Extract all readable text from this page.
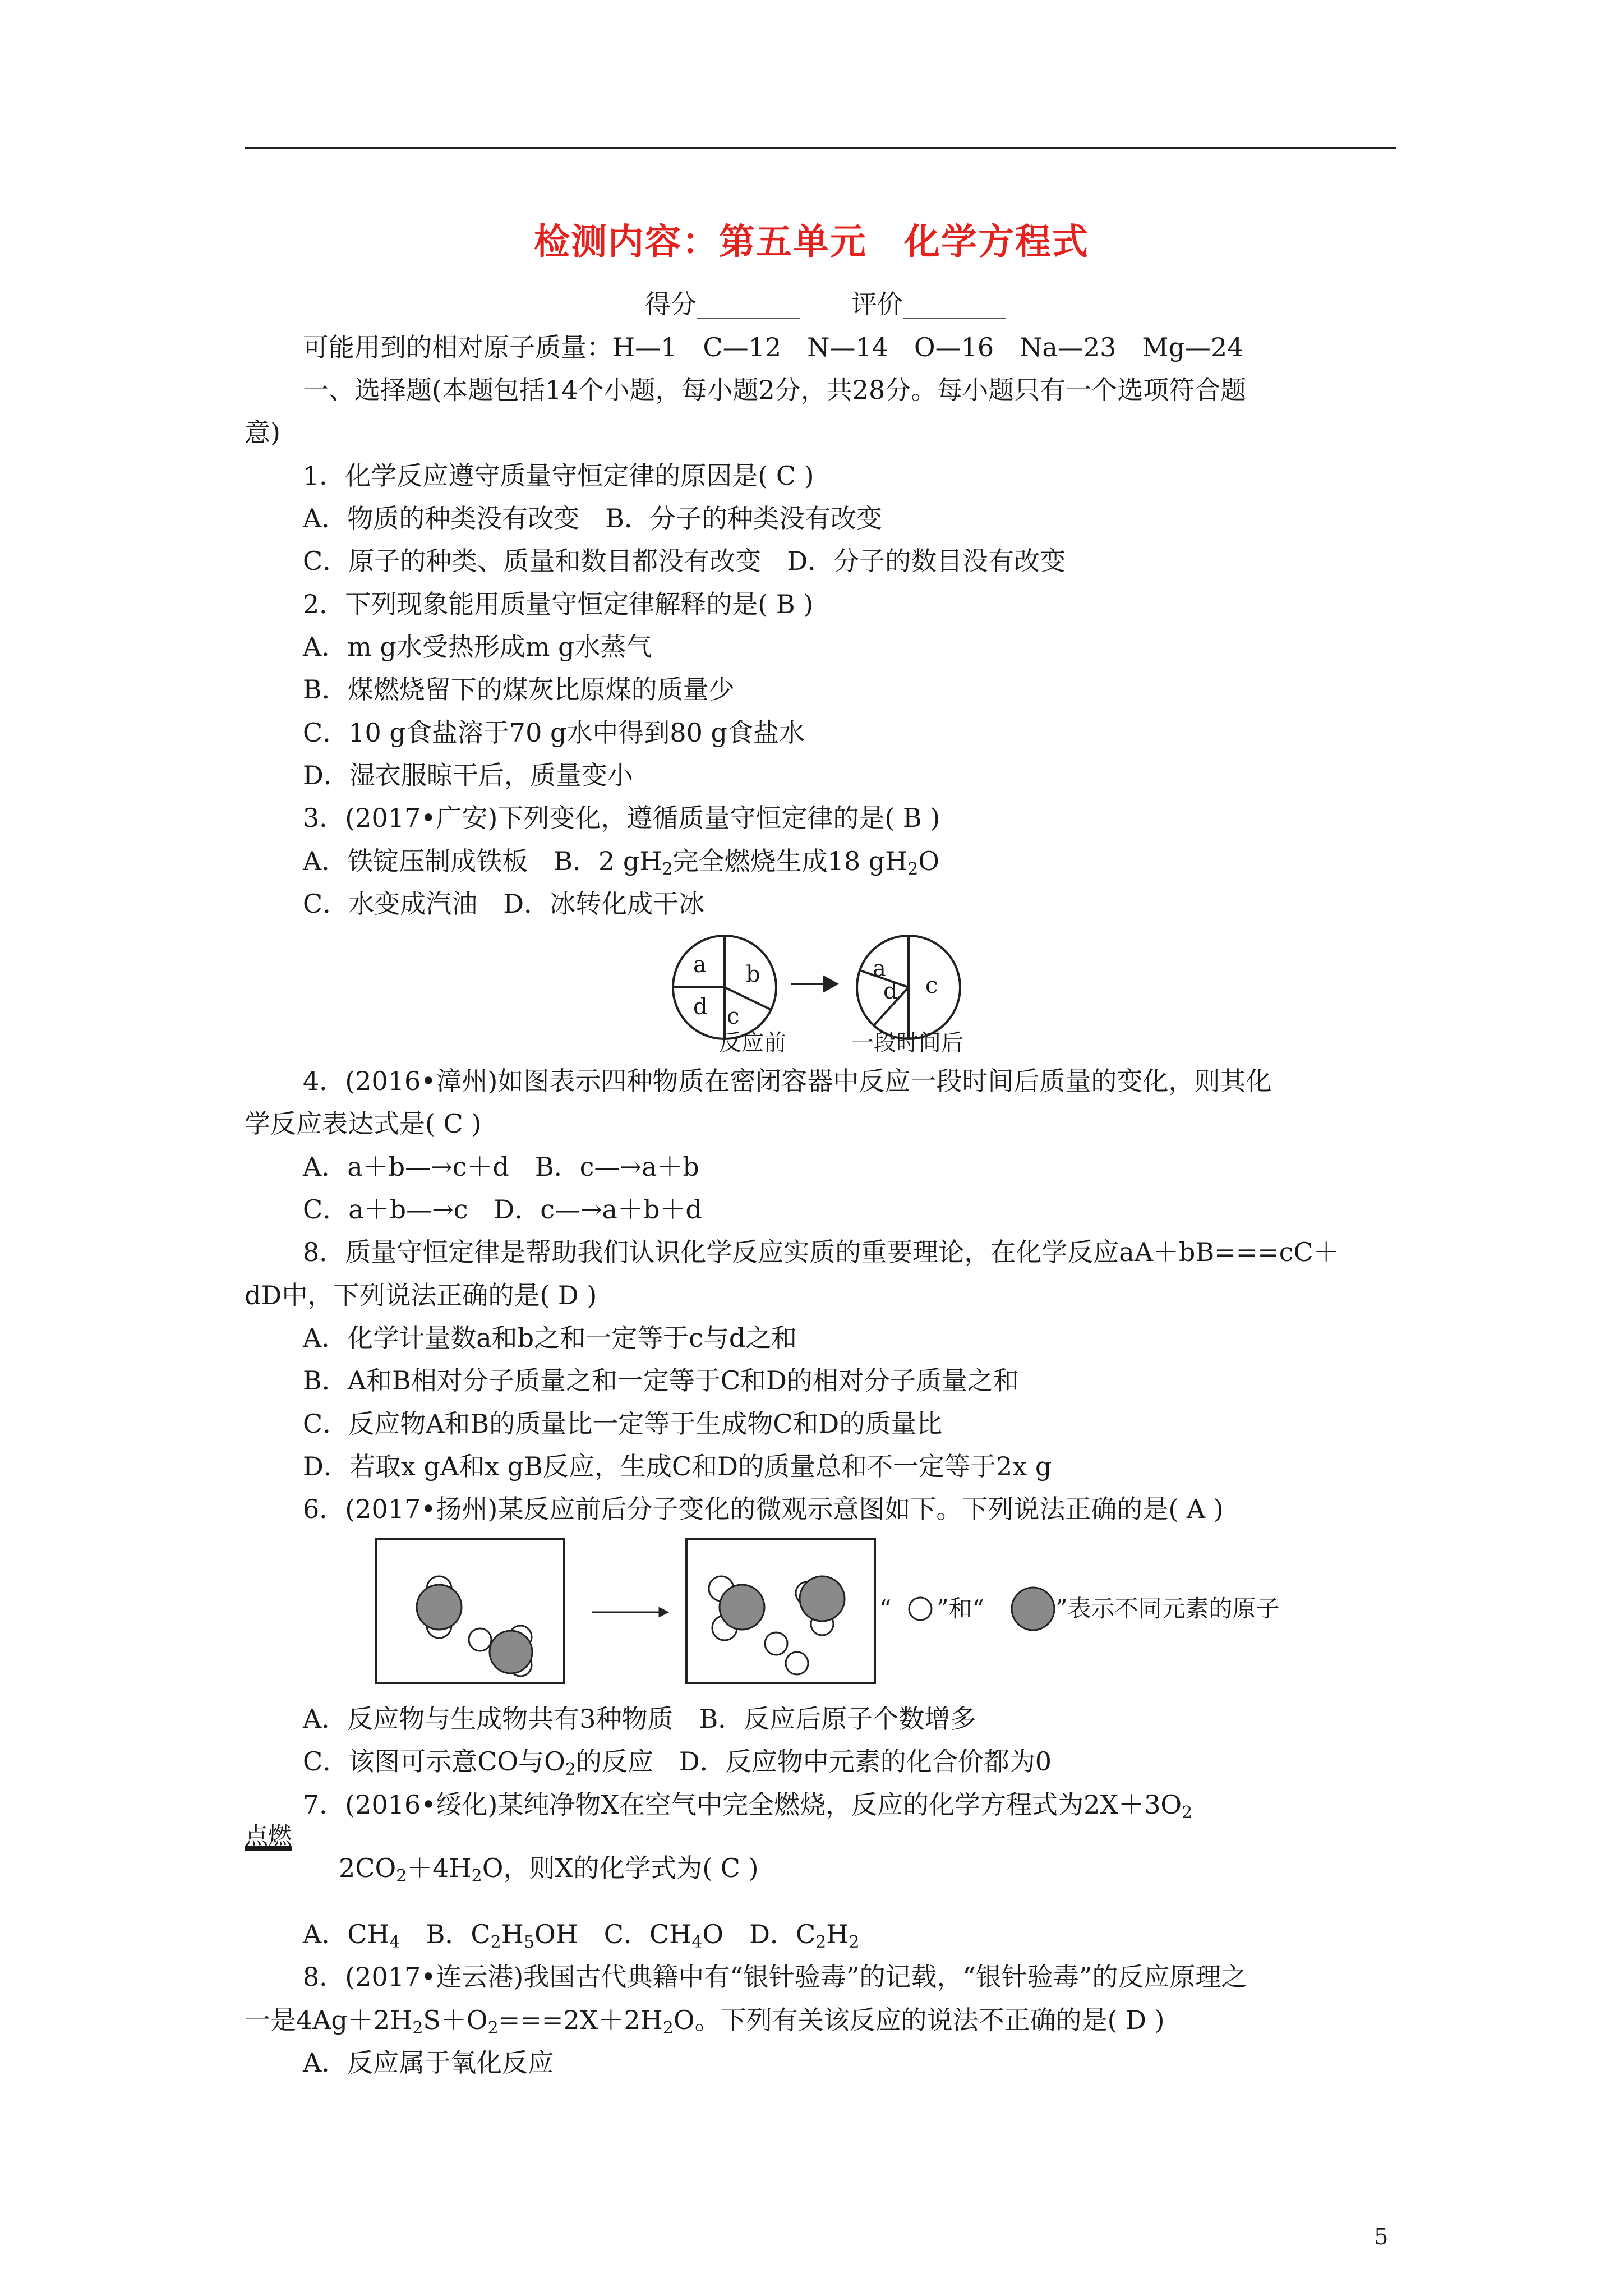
检测内容：第五单元　化学方程式
得分________　　评价________
可能用到的相对原子质量：H—1　C—12　N—14　O—16　Na—23　Mg—24
一、选择题(本题包括14个小题，每小题2分，共28分。每小题只有一个选项符合题
意)
1．化学反应遵守质量守恒定律的原因是( C )
A．物质的种类没有改变　B．分子的种类没有改变
C．原子的种类、质量和数目都没有改变　D．分子的数目没有改变
2．下列现象能用质量守恒定律解释的是( B )
A．m g水受热形成m g水蒸气
B．煤燃烧留下的煤灰比原煤的质量少
C．10 g食盐溶于70 g水中得到80 g食盐水
D．湿衣服晾干后，质量变小
3．(2017•广安)下列变化，遵循质量守恒定律的是( B )
A．铁锭压制成铁板　B．2 $gH_2$完全燃烧生成18 $gH_2O$
C．水变成汽油　D．冰转化成干冰
a b
c
d
a
d c
反应前	一段时间后
4．(2016•漳州)如图表示四种物质在密闭容器中反应一段时间后质量的变化，则其化
学反应表达式是( C )
A．a＋b—→c＋d　B．c—→a＋b
C．a＋b—→c　D．c—→a＋b＋d
8．质量守恒定律是帮助我们认识化学反应实质的重要理论，在化学反应aA＋bB===cC＋
dD中，下列说法正确的是( D )
A．化学计量数a和b之和一定等于c与d之和
B．A和B相对分子质量之和一定等于C和D的相对分子质量之和
C．反应物A和B的质量比一定等于生成物C和D的质量比
D．若取x gA和x gB反应，生成C和D的质量总和不一定等于2x g
6．(2017•扬州)某反应前后分子变化的微观示意图如下。下列说法正确的是( A )
“ ”和“	”表示不同元素的原子
A．反应物与生成物共有3种物质　B．反应后原子个数增多
C．该图可示意CO与$O_2$的反应　D．反应物中元素的化合价都为0
7．(2016•绥化)某纯净物X在空气中完全燃烧，反应的化学方程式为$2X+3O_2$
点燃
$2CO_2+4H_2O$，则X的化学式为( C )
A．$CH_4$　B．$C_2H_5OH$　C．$CH_4O$　D．$C_2H_2$
8．(2017•连云港)我国古代典籍中有“银针验毒”的记载，“银针验毒”的反应原理之
一是$4Ag+2H_2S+O_2===2X+2H_2O$。下列有关该反应的说法不正确的是( D )
A．反应属于氧化反应
5
